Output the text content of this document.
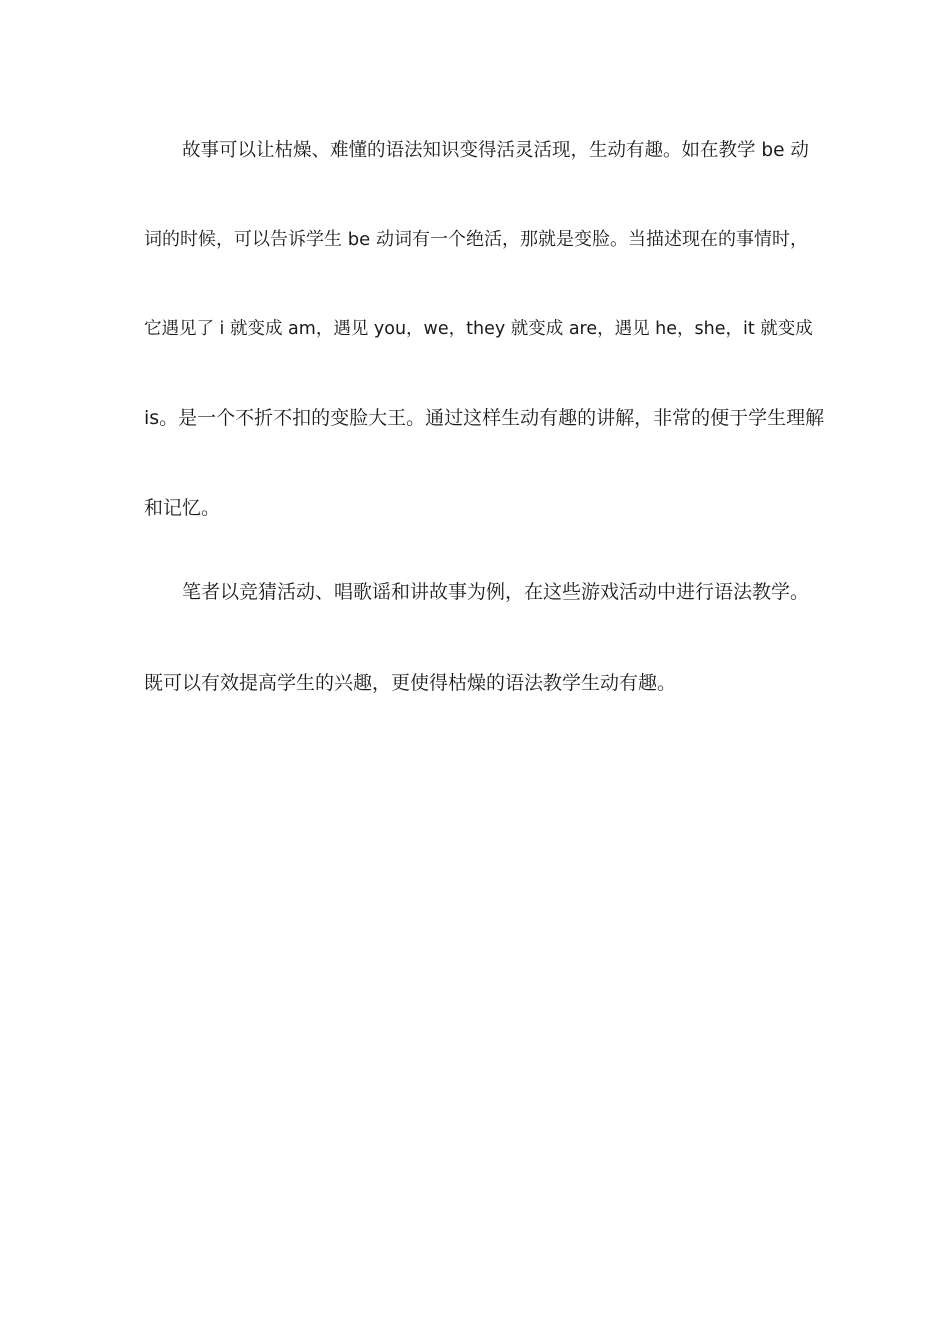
故事可以让枯燥、难懂的语法知识变得活灵活现，生动有趣。如在教学 be 动
词的时候，可以告诉学生 be 动词有一个绝活，那就是变脸。当描述现在的事情时，
它遇见了 i 就变成 am，遇见 you，we，they 就变成 are，遇见 he，she，it 就变成
is。是一个不折不扣的变脸大王。通过这样生动有趣的讲解，非常的便于学生理解
和记忆。
笔者以竞猜活动、唱歌谣和讲故事为例，在这些游戏活动中进行语法教学。
既可以有效提高学生的兴趣，更使得枯燥的语法教学生动有趣。
